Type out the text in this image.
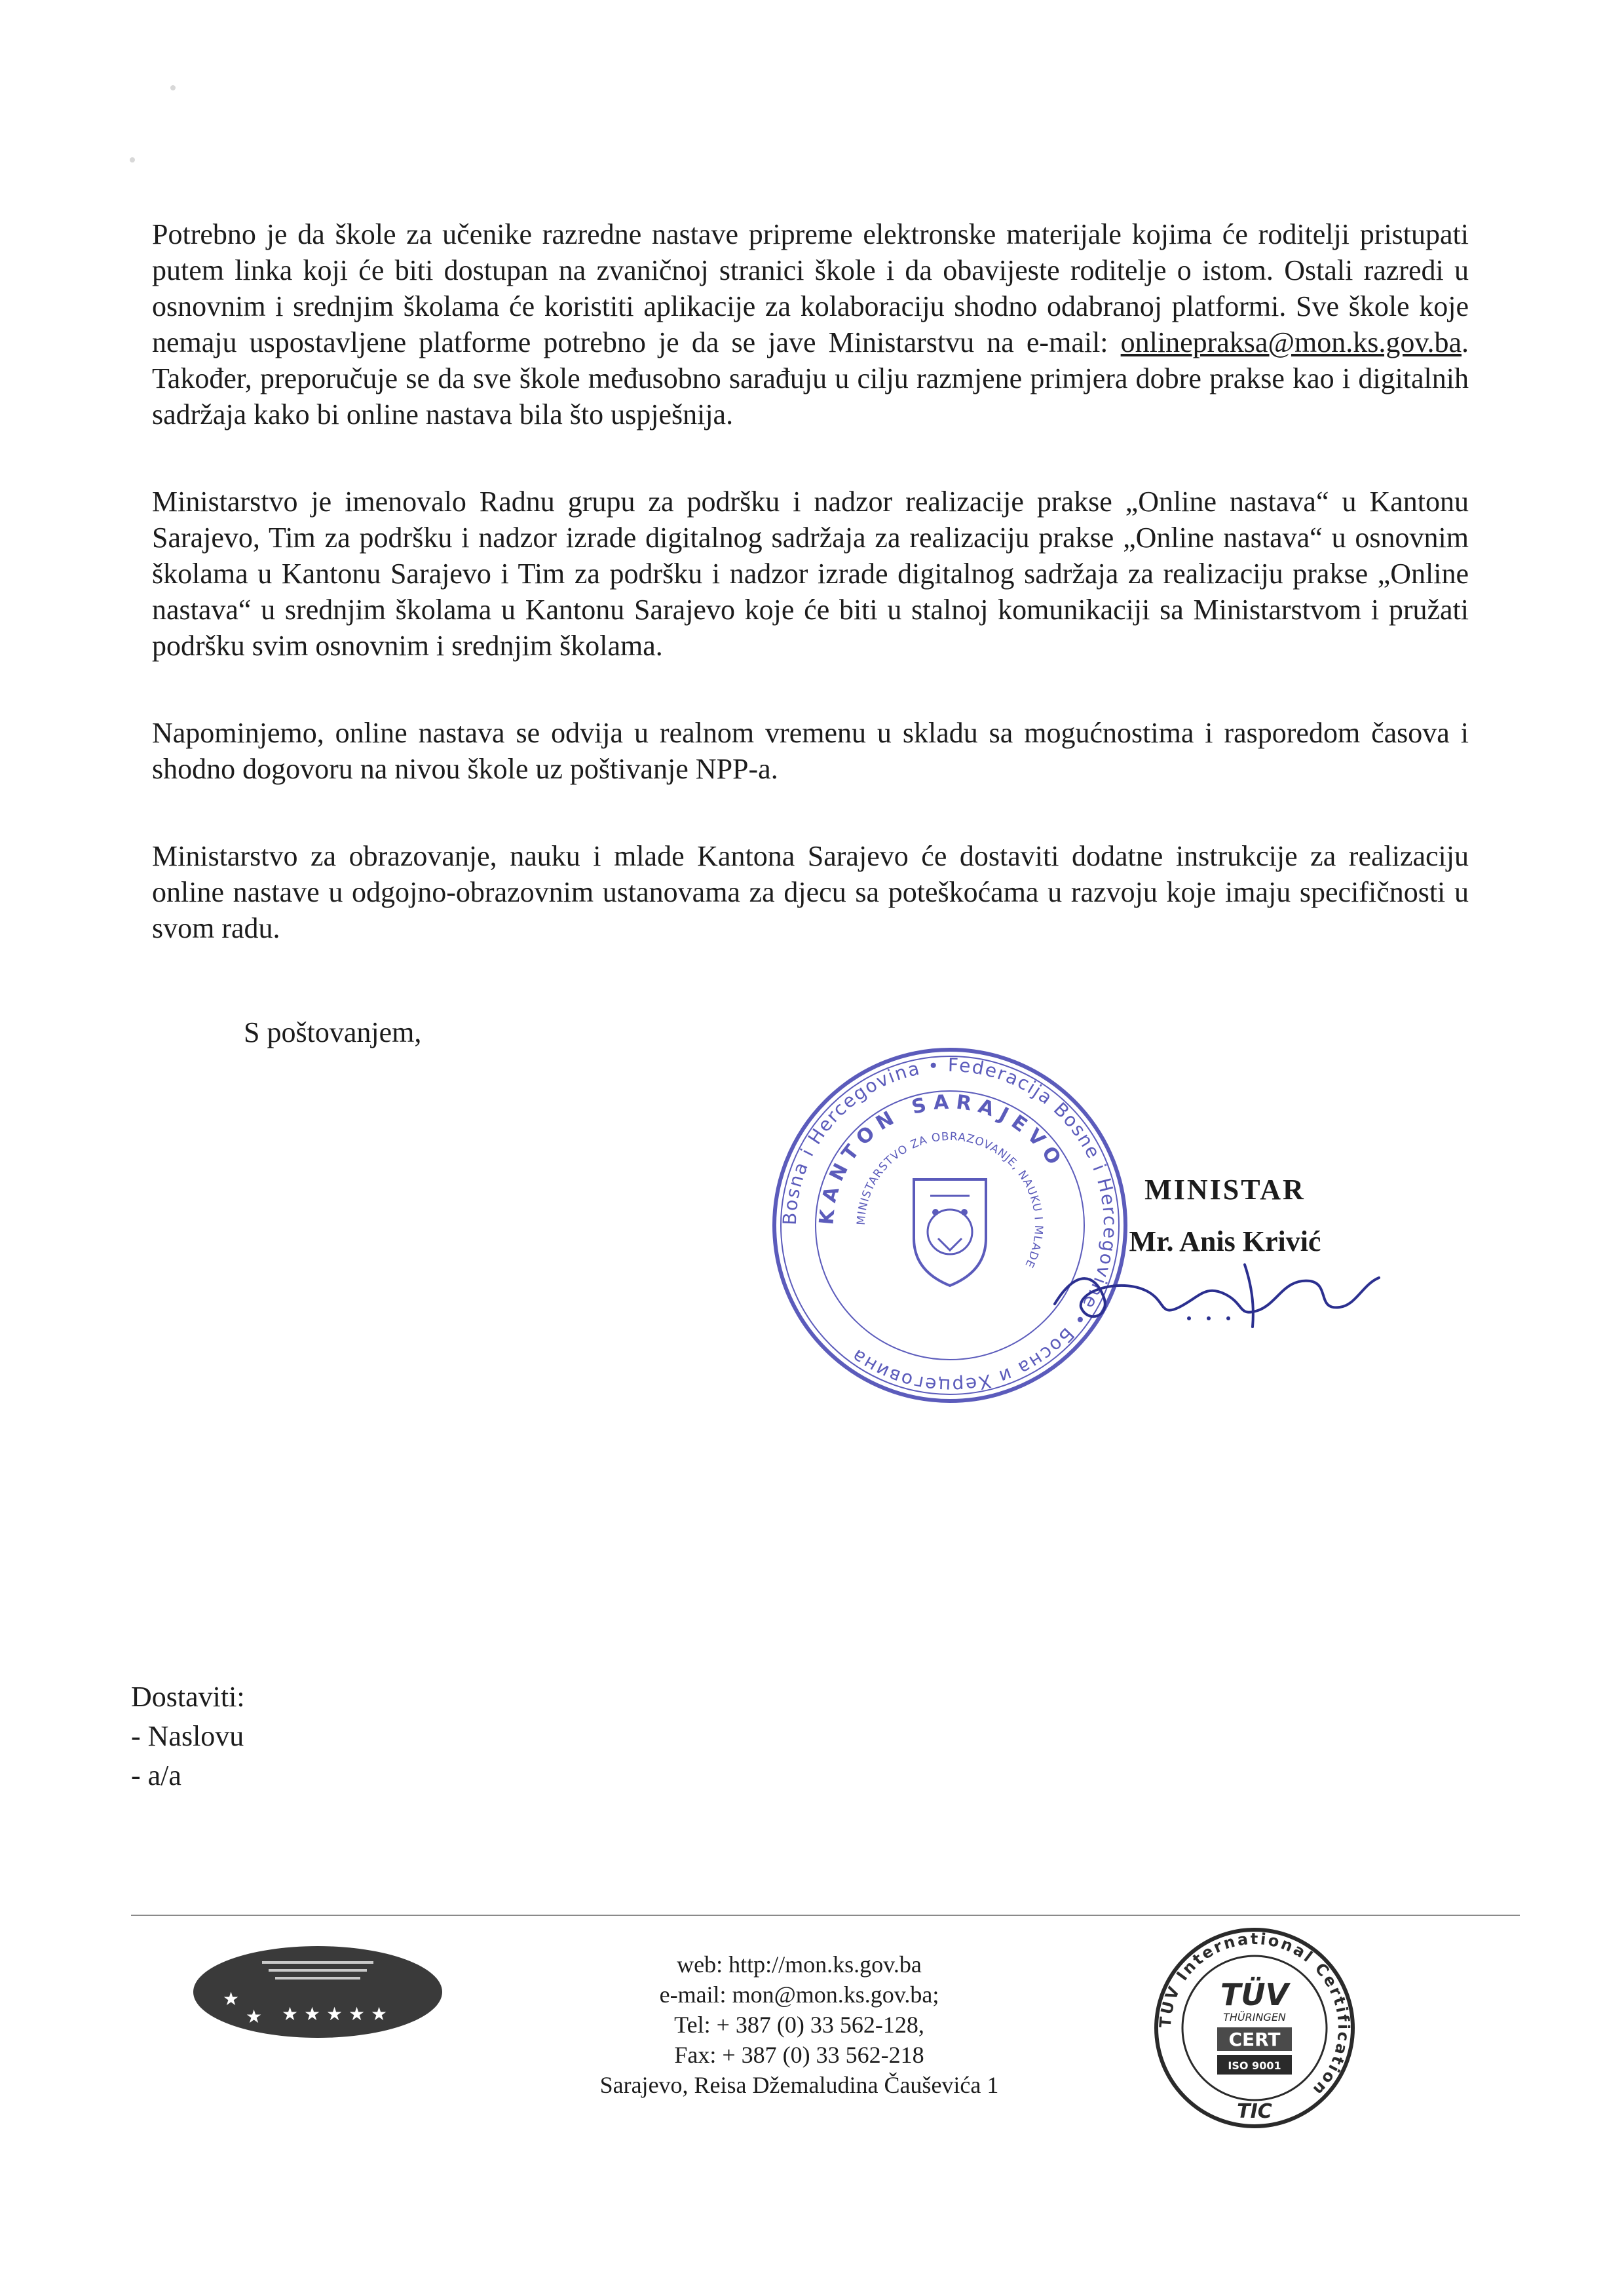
Potrebno je da škole za učenike razredne nastave pripreme elektronske materijale kojima će roditelji pristupati putem linka koji će biti dostupan na zvaničnoj stranici škole i da obavijeste roditelje o istom. Ostali razredi u osnovnim i srednjim školama će koristiti aplikacije za kolaboraciju shodno odabranoj platformi. Sve škole koje nemaju uspostavljene platforme potrebno je da se jave Ministarstvu na e-mail: onlinepraksa@mon.ks.gov.ba. Također, preporučuje se da sve škole međusobno sarađuju u cilju razmjene primjera dobre prakse kao i digitalnih sadržaja kako bi online nastava bila što uspješnija.

Ministarstvo je imenovalo Radnu grupu za podršku i nadzor realizacije prakse „Online nastava“ u Kantonu Sarajevo, Tim za podršku i nadzor izrade digitalnog sadržaja za realizaciju prakse „Online nastava“ u osnovnim školama u Kantonu Sarajevo i Tim za podršku i nadzor izrade digitalnog sadržaja za realizaciju prakse „Online nastava“ u srednjim školama u Kantonu Sarajevo koje će biti u stalnoj komunikaciji sa Ministarstvom i pružati podršku svim osnovnim i srednjim školama.

Napominjemo, online nastava se odvija u realnom vremenu u skladu sa mogućnostima i rasporedom časova i shodno dogovoru na nivou škole uz poštivanje NPP-a.

Ministarstvo za obrazovanje, nauku i mlade Kantona Sarajevo će dostaviti dodatne instrukcije za realizaciju online nastave u odgojno-obrazovnim ustanovama za djecu sa poteškoćama u razvoju koje imaju specifičnosti u svom radu.

S poštovanjem,
Bosna i Hercegovina • Federacija Bosne i Hercegovine • Босна и Херцеговина
KANTON SARAJEVO
MINISTARSTVO ZA OBRAZOVANJE, NAUKU I MLADE
MINISTAR
Mr. Anis Krivić
Dostaviti:
- Naslovu
- a/a
★
★ ★ ★ ★ ★ ★
web: http://mon.ks.gov.ba
e-mail: mon@mon.ks.gov.ba;
Tel: + 387 (0) 33 562-128,
Fax: + 387 (0) 33 562-218
Sarajevo, Reisa Džemaludina Čauševića 1
TÜV International Certification
TÜV
THÜRINGEN
CERT
ISO 9001
TIC
